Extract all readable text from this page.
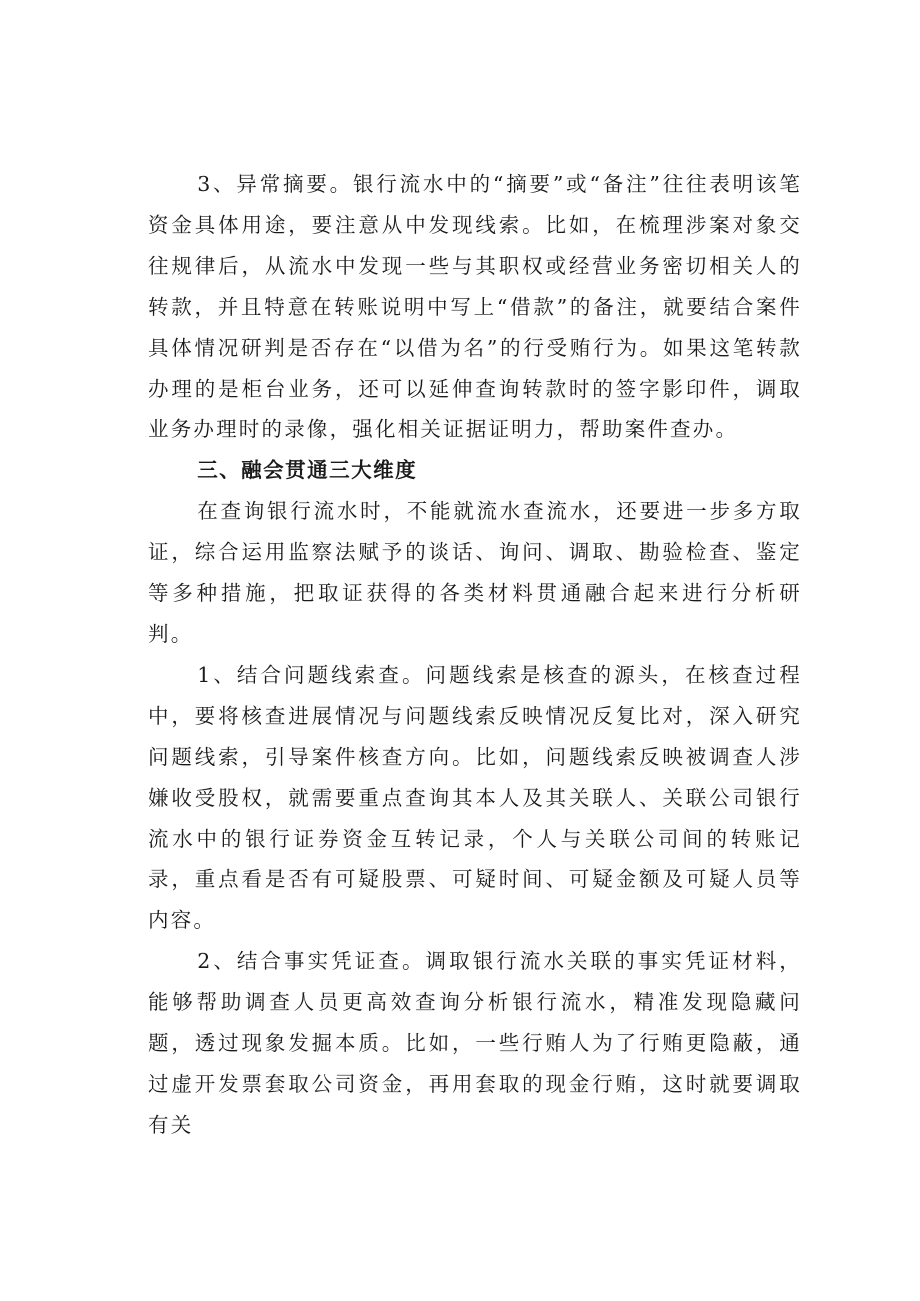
3、异常摘要。银行流水中的“摘要”或“备注”往往表明该笔资金具体用途，要注意从中发现线索。比如，在梳理涉案对象交往规律后，从流水中发现一些与其职权或经营业务密切相关人的转款，并且特意在转账说明中写上“借款”的备注，就要结合案件具体情况研判是否存在“以借为名”的行受贿行为。如果这笔转款办理的是柜台业务，还可以延伸查询转款时的签字影印件，调取业务办理时的录像，强化相关证据证明力，帮助案件查办。

三、融会贯通三大维度

在查询银行流水时，不能就流水查流水，还要进一步多方取证，综合运用监察法赋予的谈话、询问、调取、勘验检查、鉴定等多种措施，把取证获得的各类材料贯通融合起来进行分析研判。

1、结合问题线索查。问题线索是核查的源头，在核查过程中，要将核查进展情况与问题线索反映情况反复比对，深入研究问题线索，引导案件核查方向。比如，问题线索反映被调查人涉嫌收受股权，就需要重点查询其本人及其关联人、关联公司银行流水中的银行证券资金互转记录，个人与关联公司间的转账记录，重点看是否有可疑股票、可疑时间、可疑金额及可疑人员等内容。

2、结合事实凭证查。调取银行流水关联的事实凭证材料，能够帮助调查人员更高效查询分析银行流水，精准发现隐藏问题，透过现象发掘本质。比如，一些行贿人为了行贿更隐蔽，通过虚开发票套取公司资金，再用套取的现金行贿，这时就要调取有关
